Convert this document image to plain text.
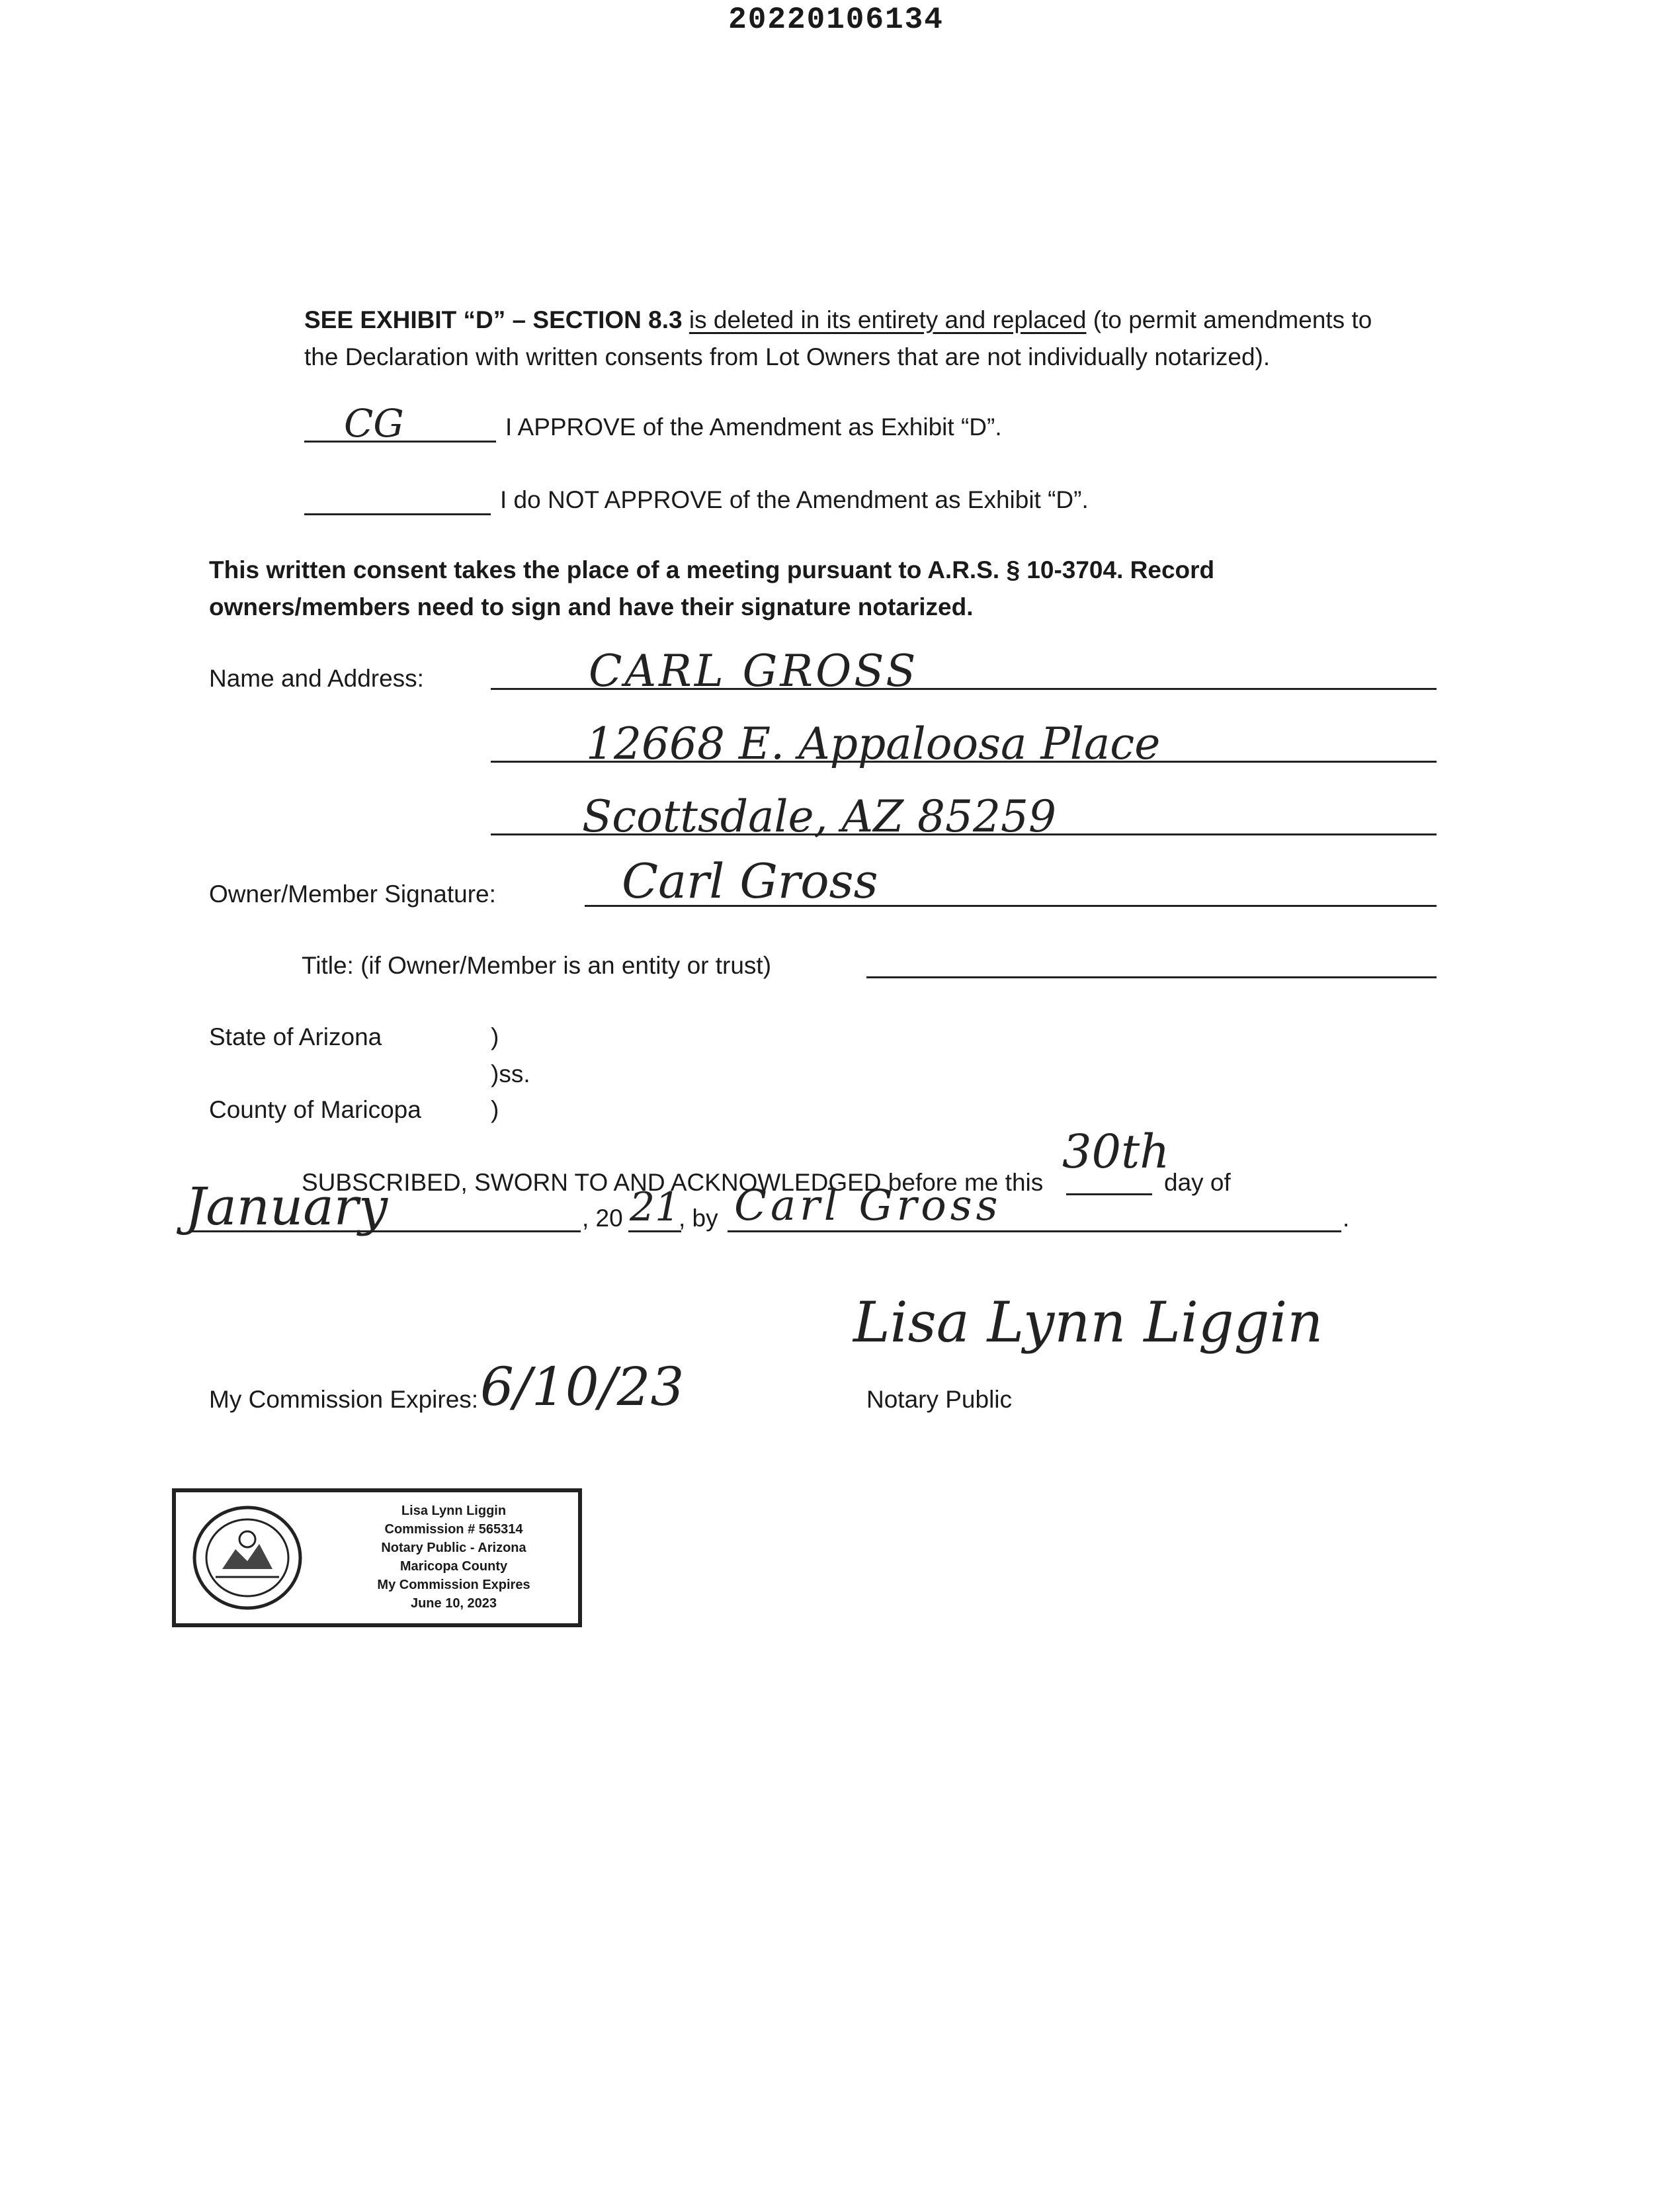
20220106134
SEE EXHIBIT “D” – SECTION 8.3 is deleted in its entirety and replaced (to permit amendments to
the Declaration with written consents from Lot Owners that are not individually notarized).
CG	I APPROVE of the Amendment as Exhibit “D”.
I do NOT APPROVE of the Amendment as Exhibit “D”.
This written consent takes the place of a meeting pursuant to A.R.S. § 10-3704. Record
owners/members need to sign and have their signature notarized.
Name and Address:	CARL GROSS
12668 E. Appaloosa Place
Scottsdale, AZ 85259
Owner/Member Signature:	Carl Gross
Title: (if Owner/Member is an entity or trust)
State of Arizona	)
)ss.
County of Maricopa	)
SUBSCRIBED, SWORN TO AND ACKNOWLEDGED before me this
30th
day of
January	, 20 21
, by Carl Gross	.
My Commission Expires: 6/10/23
Lisa Lynn Liggin
Notary Public
Lisa Lynn Liggin
Commission # 565314
Notary Public - Arizona
Maricopa County
My Commission Expires
June 10, 2023
